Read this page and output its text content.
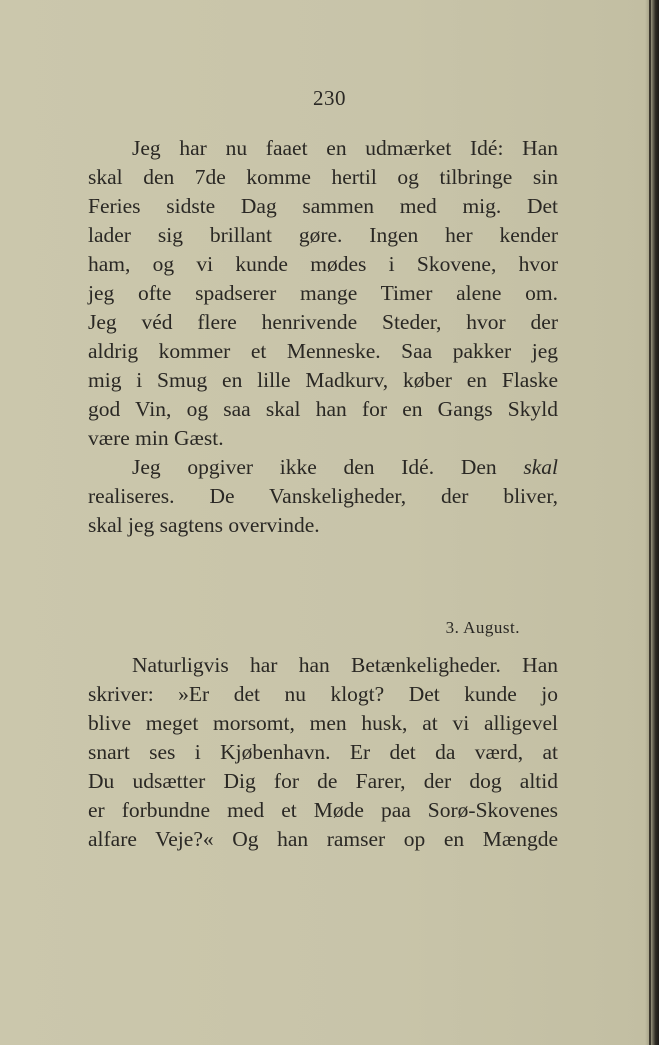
230
Jeg har nu faaet en udmærket Idé: Han
skal den 7de komme hertil og tilbringe sin
Feries sidste Dag sammen med mig. Det
lader sig brillant gøre. Ingen her kender
ham, og vi kunde mødes i Skovene, hvor
jeg ofte spadserer mange Timer alene om.
Jeg véd flere henrivende Steder, hvor der
aldrig kommer et Menneske. Saa pakker jeg
mig i Smug en lille Madkurv, køber en Flaske
god Vin, og saa skal han for en Gangs Skyld
være min Gæst.
Jeg opgiver ikke den Idé. Den skal
realiseres. De Vanskeligheder, der bliver,
skal jeg sagtens overvinde.
3. August.
Naturligvis har han Betænkeligheder. Han
skriver: »Er det nu klogt? Det kunde jo
blive meget morsomt, men husk, at vi alligevel
snart ses i Kjøbenhavn. Er det da værd, at
Du udsætter Dig for de Farer, der dog altid
er forbundne med et Møde paa Sorø-Skovenes
alfare Veje?« Og han ramser op en Mængde
